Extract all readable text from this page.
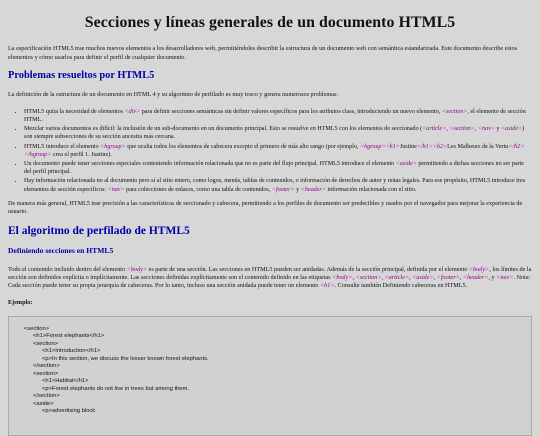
Secciones y líneas generales de un documento HTML5

La especificación HTML5 trae muchos nuevos elementos a los desarrolladores web, permitiéndoles describir la estructura de un documento web con semántica estandarizada. Este documento describe estos elementos y cómo usarlos para definir el perfil de cualquier documento.

Problemas resueltos por HTML5

La definición de la estructura de un documento en HTML 4 y su algoritmo de perfilado es muy tosco y genera numerosos problemas:

• HTML5 quita la necesidad de elementos <div> para definir secciones semánticas sin definir valores específicos para los atributos class, introduciendo un nuevo elemento, <section>, el elemento de sección HTML.
• Mezclar varios documentos es difícil: la inclusión de un sub-documento en un documento principal. Esto se resuelve en HTML5 con los elementos de seccionado (<article>, <section>, <nav> y <aside>) son siempre subsecciones de su sección ancestra más cercana.
• HTML5 introduce el elemento <hgroup> que oculta todos los elementos de cabecera excepto el primero de más alto rango (por ejemplo, <hgroup><h1>Justine</h1><h2>Les Malheurs de la Vertu</h2></hgroup> crea el perfil 1. Justine).
• Un documento puede tener secciones especiales conteniendo información relacionada que no es parte del flujo principal. HTML5 introduce el elemento <aside> permitiendo a dichas secciones no ser parte del perfil principal.
• Hay información relacionada no al documento pero sí al sitio entero, como logos, menús, tablas de contenidos, o información de derechos de autor y notas legales. Para ese propósito, HTML5 introduce tres elementos de sección específicos: <nav> para colecciones de enlaces, como una tabla de contenidos, <footer> y <header> información relacionada con el sitio.

De manera más general, HTML5 trae precisión a las características de seccionado y cabecera, permitiendo a los perfiles de documento ser predecibles y usados por el navegador para mejorar la experiencia de usuario.

El algoritmo de perfilado de HTML5
Definiendo secciones en HTML5

Todo el contenido incluido dentro del elemento <body> es parte de una sección. Las secciones en HTML5 pueden ser anidadas. Además de la sección principal, definida por el elemento <body>, los límites de la sección son definidos explícita o implícitamente. Las secciones definidas explícitamente son el contenido definido en las etiquetas <body>, <section>, <article>, <aside>, <footer>, <header>, y <nav>. Nota: Cada sección puede tener su propia jerarquía de cabeceras. Por lo tanto, incluso una sección anidada puede tener un elemento <h1>. Consulte también Definiendo cabeceras en HTML5.

Ejemplo:
<section>
<h1>Forest elephants</h1>
<section>
<h1>Introduction</h1>
<p>In this section, we discuss the lesser known forest elephants.
</section>
<section>
<h1>Habitat</h1>
<p>Forest elephants do not live in trees but among them.
</section>
<aside>
<p>advertising block
